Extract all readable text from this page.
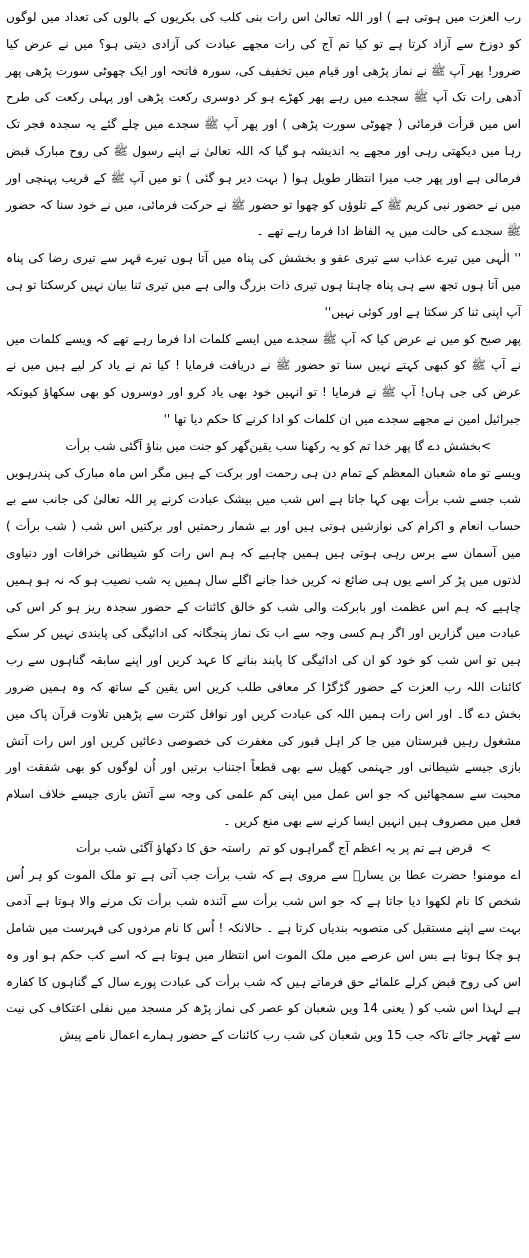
رب العزت میں ہوتی ہے ) اور اللہ تعالیٰ اس رات بنی کلب کی بکریوں کے بالوں کی تعداد میں لوگوں کو دوزخ سے آزاد کرتا ہے تو کیا تم آج کی رات مجھے عبادت کی آزادی دیتی ہو؟ میں نے عرض کیا ضرور! پھر آپ ﷺ نے نماز پڑھی اور قیام میں تخفیف کی، سورہ فاتحہ اور ایک چھوٹی سورت پڑھی پھر آدھی رات تک آپ ﷺ سجدے میں رہے پھر کھڑے ہو کر دوسری رکعت پڑھی اور پہلی رکعت کی طرح اس میں قرأت فرمائی ( چھوٹی سورت پڑھی ) اور پھر آپ ﷺ سجدے میں چلے گئے یہ سجدہ فجر تک رہا میں دیکھتی رہی اور مجھے یہ اندیشہ ہو گیا کہ اللہ تعالیٰ نے اپنے رسول ﷺ کی روح مبارک قبض فرمالی ہے اور پھر جب میرا انتظار طویل ہوا ( بہت دیر ہو گئی ) تو میں آپ ﷺ کے قریب پہنچی اور میں نے حضور نبی کریم ﷺ کے تلوؤں کو چھوا تو حضور ﷺ نے حرکت فرمائی، میں نے خود سنا کہ حضور ﷺ سجدے کی حالت میں یہ الفاظ ادا فرما رہے تھے ۔

'' الٰہی میں تیرے عذاب سے تیری عفو و بخشش کی پناہ میں آتا ہوں تیرے قہر سے تیری رضا کی پناہ میں آتا ہوں تجھ سے ہی پناہ چاہتا ہوں تیری ذات بزرگ والی ہے میں تیری ثنا بیان نہیں کرسکتا تو ہی آپ اپنی ثنا کر سکتا ہے اور کوئی نہیں''

پھر صبح کو میں نے عرض کیا کہ آپ ﷺ سجدے میں ایسے کلمات ادا فرما رہے تھے کہ ویسے کلمات میں نے آپ ﷺ کو کبھی کہتے نہیں سنا تو حضور ﷺ نے دریافت فرمایا ! کیا تم نے یاد کر لیے ہیں میں نے عرض کی جی ہاں! آپ ﷺ نے فرمایا ! تو انہیں خود بھی یاد کرو اور دوسروں کو بھی سکھاؤ کیونکہ جبرائیل امین نے مجھے سجدے میں ان کلمات کو ادا کرنے کا حکم دیا تھا ''

>
بخشش دے گا پھر خدا تم کو یہ رکھنا سب یقین
گھر کو جنت میں بناؤ آگئی شب برأت

ویسے تو ماہ شعبان المعظم کے تمام دن ہی رحمت اور برکت کے ہیں مگر اس ماہ مبارک کی پندرہویں شب جسے شب برأت بھی کہا جاتا ہے اس شب میں بیشک عبادت کرنے پر اللہ تعالیٰ کی جانب سے بے حساب انعام و اکرام کی نوازشیں ہوتی ہیں اور بے شمار رحمتیں اور برکتیں اس شب ( شب برأت ) میں آسمان سے برس رہی ہوتی ہیں ہمیں چاہیے کہ ہم اس رات کو شیطانی خرافات اور دنیاوی لذتوں میں پڑ کر اسے یوں ہی ضائع نہ کریں خدا جانے اگلے سال ہمیں یہ شب نصیب ہو کہ نہ ہو ہمیں چاہیے کہ ہم اس عظمت اور بابرکت والی شب کو خالق کائنات کے حضور سجدہ ریز ہو کر اس کی عبادت میں گزاریں اور اگر ہم کسی وجہ سے اب تک نماز پنجگانہ کی ادائیگی کی پابندی نہیں کر سکے ہیں تو اس شب کو خود کو ان کی ادائیگی کا پابند بنانے کا عہد کریں اور اپنے سابقہ گناہوں سے رب کائنات اللہ رب العزت کے حضور گڑگڑا کر معافی طلب کریں اس یقین کے ساتھ کہ وہ ہمیں ضرور بخش دے گا۔ اور اس رات ہمیں اللہ کی عبادت کریں اور نوافل کثرت سے پڑھیں تلاوت قرآن پاک میں مشغول رہیں قبرستان میں جا کر اہل قبور کی مغفرت کی خصوصی دعائیں کریں اور اس رات آتش بازی جیسے شیطانی اور جہنمی کھیل سے بھی قطعاً اجتناب برتیں اور اُن لوگوں کو بھی شفقت اور محبت سے سمجھائیں کہ جو اس عمل میں اپنی کم علمی کی وجہ سے آتش بازی جیسے خلاف اسلام فعل میں مصروف ہیں انہیں ایسا کرنے سے بھی منع کریں ۔

>
قرض ہے تم پر یہ اعظم آج گمراہوں کو تم
راستہ حق کا دکھاؤ آگئی شب برأت

اے مومنو! حضرت عطا بن یسارؓ سے مروی ہے کہ شب برأت جب آتی ہے تو ملک الموت کو ہر اُس شخص کا نام لکھوا دیا جاتا ہے کہ جو اس شب برأت سے آئندہ شب برأت تک مرنے والا ہوتا ہے آدمی بہت سے اپنے مستقبل کی منصوبہ بندیاں کرتا ہے ۔ حالانکہ ! اُس کا نام مردوں کی فہرست میں شامل ہو چکا ہوتا ہے بس اس عرصے میں ملک الموت اس انتظار میں ہوتا ہے کہ اسے کب حکم ہو اور وہ اس کی روح قبض کرلے علمائے حق فرماتے ہیں کہ شب برأت کی عبادت پورے سال کے گناہوں کا کفارہ ہے لہذا اس شب کو ( یعنی 14 ویں شعبان کو عصر کی نماز پڑھ کر مسجد میں نفلی اعتکاف کی نیت سے ٹھہر جائے تاکہ جب 15 ویں شعبان کی شب رب کائنات کے حضور ہمارے اعمال نامے پیش
